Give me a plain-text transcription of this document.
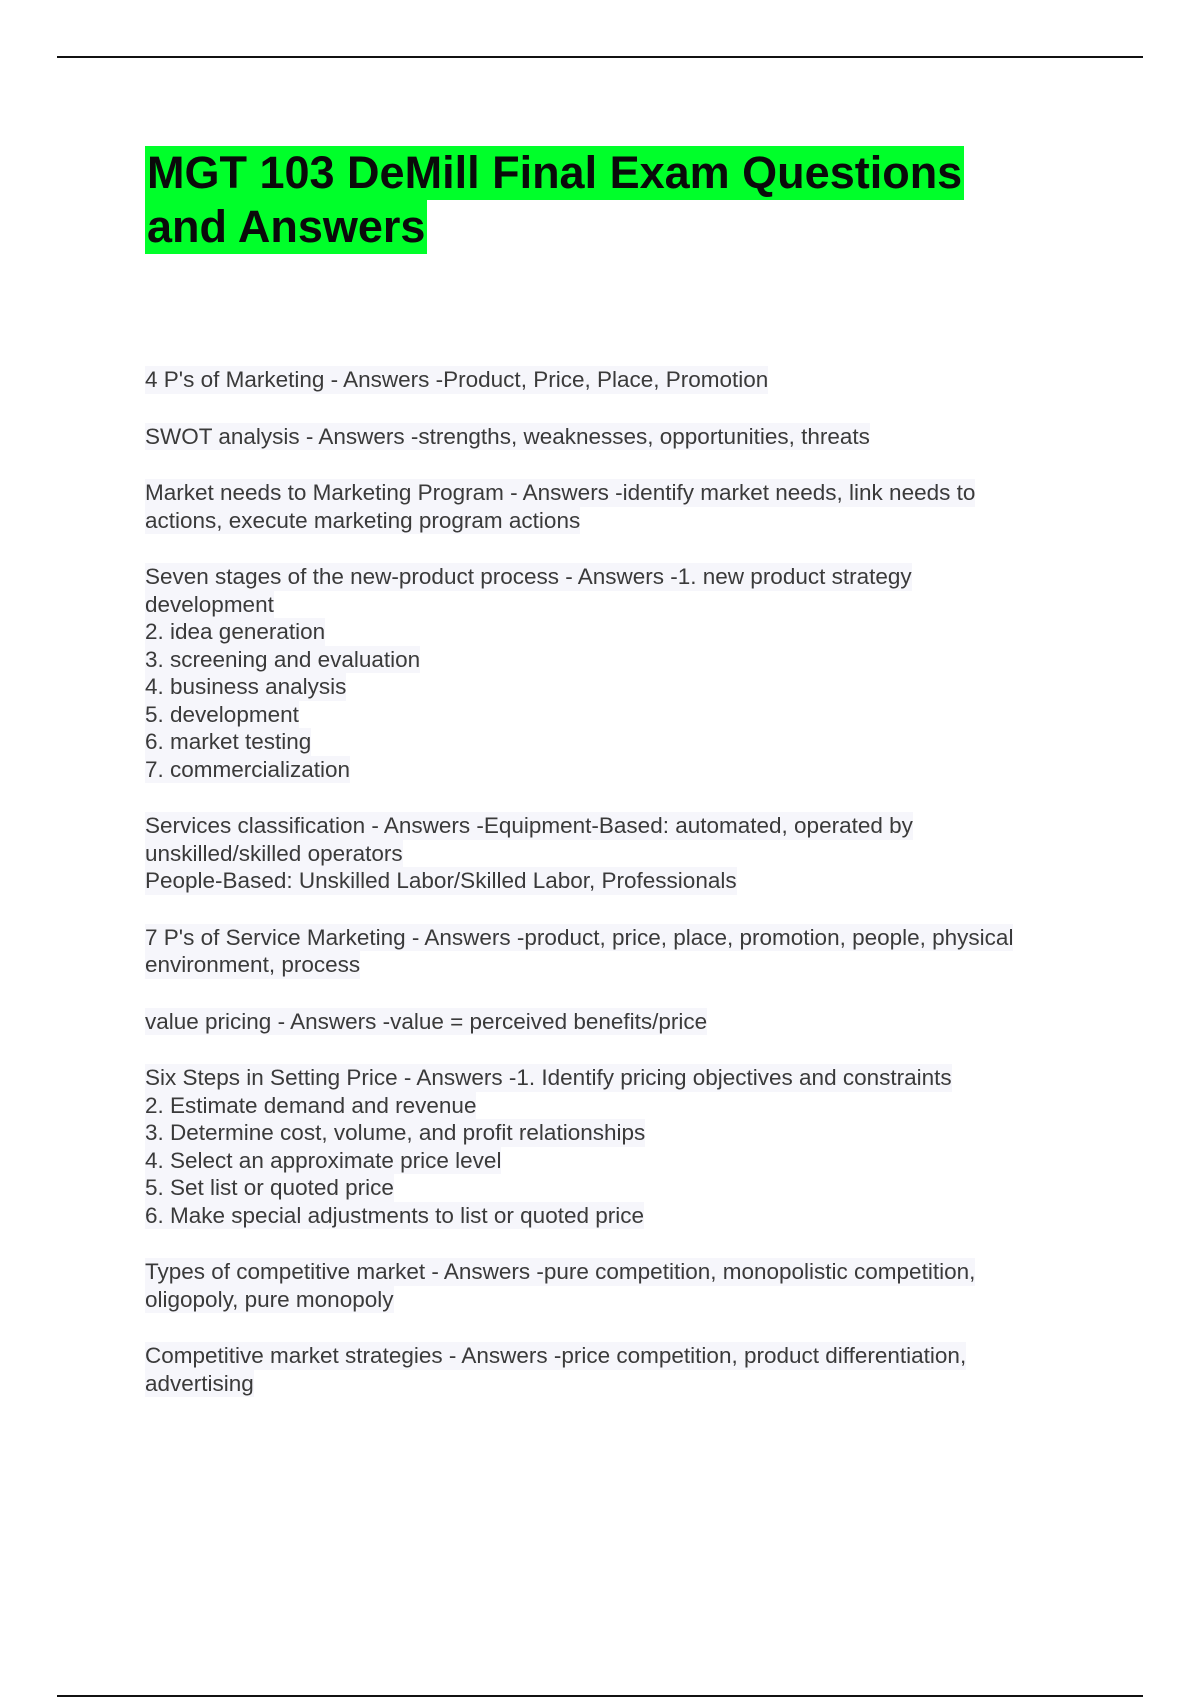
MGT 103 DeMill Final Exam Questions
and Answers
4 P's of Marketing - Answers -Product, Price, Place, Promotion
SWOT analysis - Answers -strengths, weaknesses, opportunities, threats
Market needs to Marketing Program - Answers -identify market needs, link needs to
actions, execute marketing program actions
Seven stages of the new-product process - Answers -1. new product strategy
development
2. idea generation
3. screening and evaluation
4. business analysis
5. development
6. market testing
7. commercialization
Services classification - Answers -Equipment-Based: automated, operated by
unskilled/skilled operators
People-Based: Unskilled Labor/Skilled Labor, Professionals
7 P's of Service Marketing - Answers -product, price, place, promotion, people, physical
environment, process
value pricing - Answers -value = perceived benefits/price
Six Steps in Setting Price - Answers -1. Identify pricing objectives and constraints
2. Estimate demand and revenue
3. Determine cost, volume, and profit relationships
4. Select an approximate price level
5. Set list or quoted price
6. Make special adjustments to list or quoted price
Types of competitive market - Answers -pure competition, monopolistic competition,
oligopoly, pure monopoly
Competitive market strategies - Answers -price competition, product differentiation,
advertising
